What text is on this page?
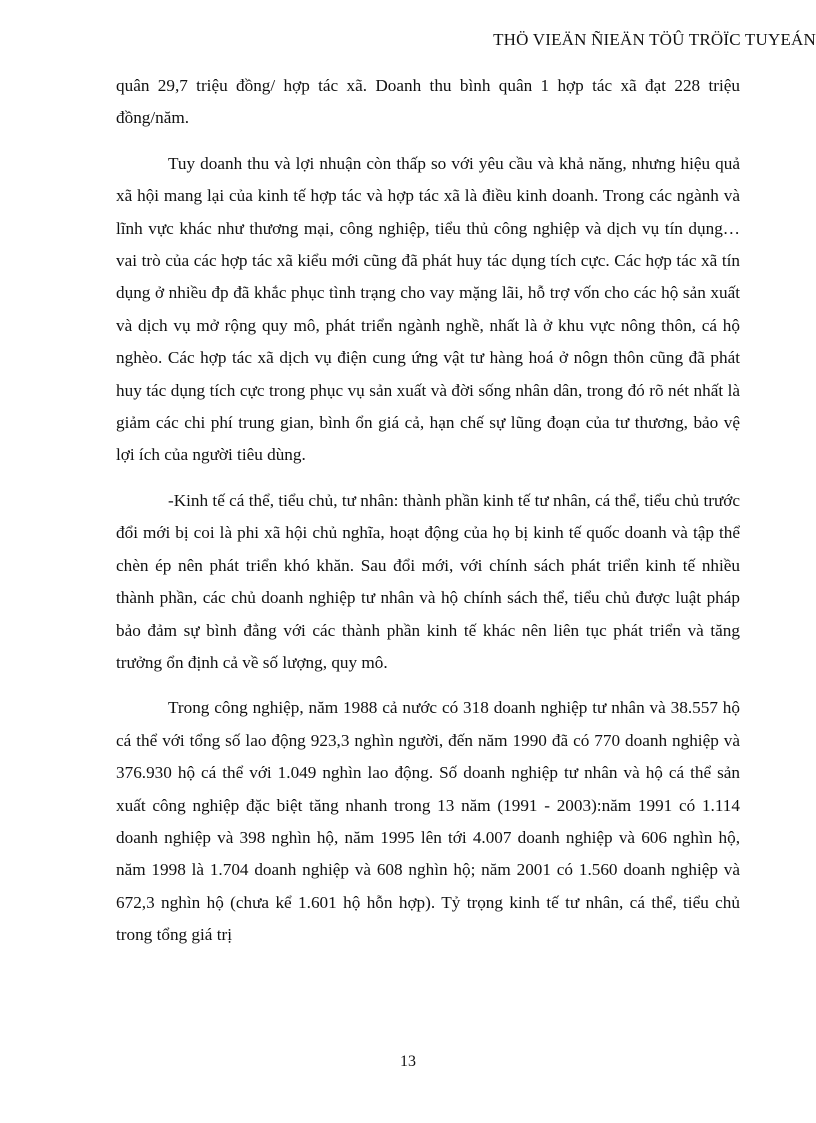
THÖ VIEÄN ÑIEÄN TÖÛ TRÖÏC TUYEÁN

quân 29,7 triệu đồng/ hợp tác xã. Doanh thu bình quân 1 hợp tác xã đạt 228 triệu đồng/năm.

Tuy doanh thu và lợi nhuận còn thấp so với yêu cầu và khả năng, nhưng hiệu quả xã hội mang lại của kinh tế hợp tác và hợp tác xã là điều kinh doanh. Trong các ngành và lĩnh vực khác như thương mại, công nghiệp, tiểu thủ công nghiệp và dịch vụ tín dụng… vai trò của các hợp tác xã kiểu mới cũng đã phát huy tác dụng tích cực. Các hợp tác xã tín dụng ở nhiều đp đã khắc phục tình trạng cho vay mặng lãi, hỗ trợ vốn cho các hộ sản xuất và dịch vụ mở rộng quy mô, phát triển ngành nghề, nhất là ở khu vực nông thôn, cá hộ nghèo. Các hợp tác xã dịch vụ điện cung ứng vật tư hàng hoá ở nôgn thôn cũng đã phát huy tác dụng tích cực trong phục vụ sản xuất và đời sống nhân dân, trong đó rõ nét nhất là giảm các chi phí trung gian, bình ổn giá cả, hạn chế sự lũng đoạn của tư thương, bảo vệ lợi ích của người tiêu dùng.

-Kinh tế cá thể, tiểu chủ, tư nhân: thành phần kinh tế tư nhân, cá thể, tiểu chủ trước đổi mới bị coi là phi xã hội chủ nghĩa, hoạt động của họ bị kinh tế quốc doanh và tập thể chèn ép nên phát triển khó khăn. Sau đổi mới, với chính sách phát triển kinh tế nhiều thành phần, các chủ doanh nghiệp tư nhân và hộ chính sách thể, tiểu chủ được luật pháp bảo đảm sự bình đẳng với các thành phần kinh tế khác nên liên tục phát triển và tăng trưởng ổn định cả về số lượng, quy mô.

Trong công nghiệp, năm 1988 cả nước có 318 doanh nghiệp tư nhân và 38.557 hộ cá thể với tổng số lao động 923,3 nghìn người, đến năm 1990 đã có 770 doanh nghiệp và 376.930 hộ cá thể với 1.049 nghìn lao động. Số doanh nghiệp tư nhân và hộ cá thể sản xuất công nghiệp đặc biệt tăng nhanh trong 13 năm (1991 - 2003):năm 1991 có 1.114 doanh nghiệp và 398 nghìn hộ, năm 1995 lên tới 4.007 doanh nghiệp và 606 nghìn hộ, năm 1998 là 1.704 doanh nghiệp và 608 nghìn hộ; năm 2001 có 1.560 doanh nghiệp và 672,3 nghìn hộ (chưa kể 1.601 hộ hỗn hợp). Tỷ trọng kinh tế tư nhân, cá thể, tiểu chủ trong tổng giá trị

13
